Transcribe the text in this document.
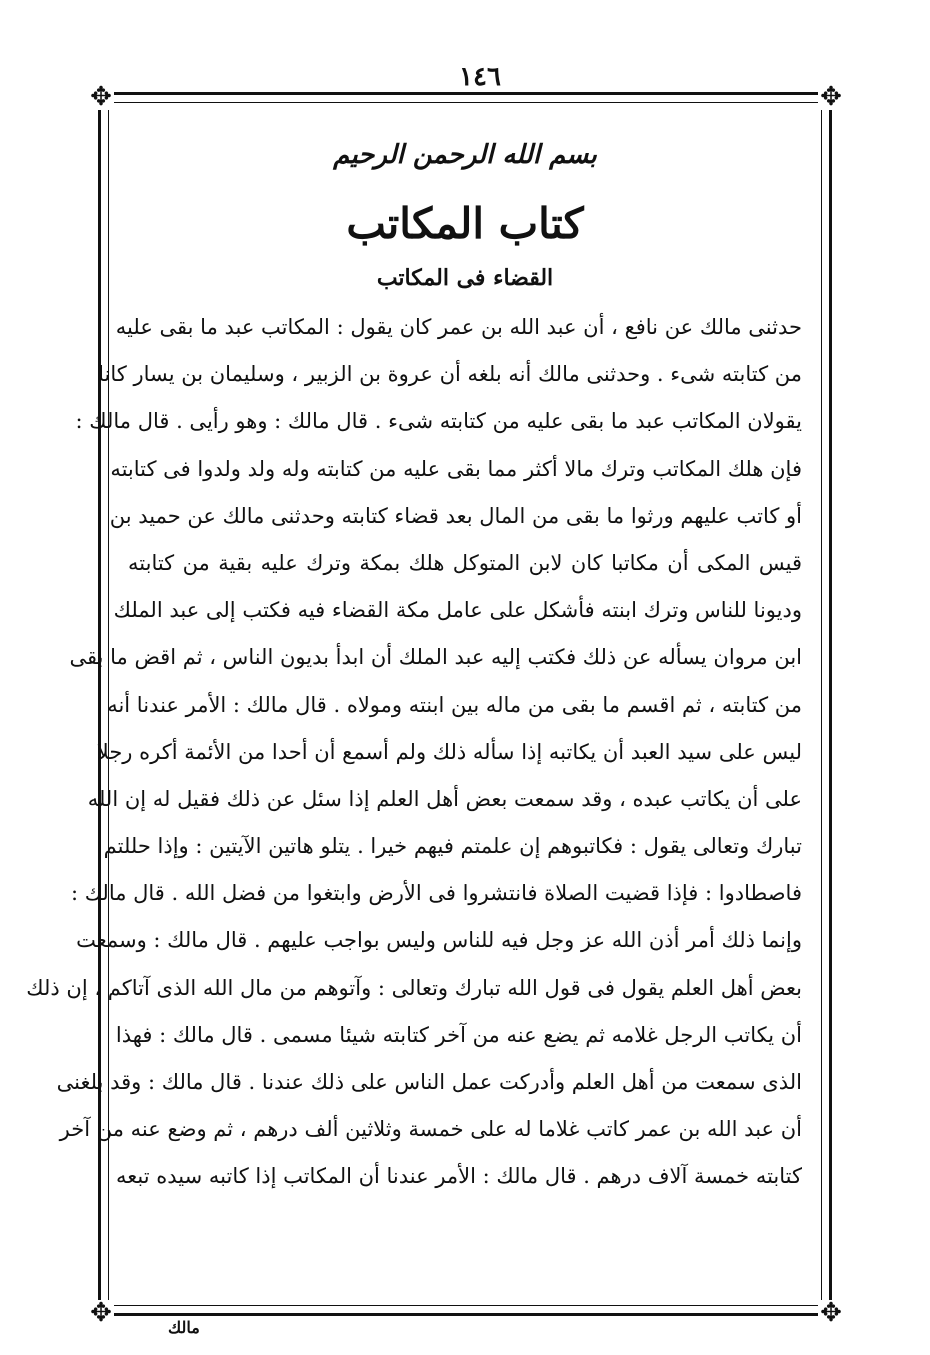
١٤٦
✥	✥
✥	✥
بسم الله الرحمن الرحيم
كتاب المكاتب
القضاء فى المكاتب
حدثنى مالك عن نافع ، أن عبد الله بن عمر كان يقول : المكاتب عبد ما بقى عليه
من كتابته شىء . وحدثنى مالك أنه بلغه أن عروة بن الزبير ، وسليمان بن يسار كانا
يقولان المكاتب عبد ما بقى عليه من كتابته شىء . قال مالك : وهو رأيى . قال مالك :
فإن هلك المكاتب وترك مالا أكثر مما بقى عليه من كتابته وله ولد ولدوا فى كتابته
أو كاتب عليهم ورثوا ما بقى من المال بعد قضاء كتابته وحدثنى مالك عن حميد بن
قيس المكى أن مكاتبا كان لابن المتوكل هلك بمكة وترك عليه بقية من كتابته
وديونا للناس وترك ابنته فأشكل على عامل مكة القضاء فيه فكتب إلى عبد الملك
ابن مروان يسأله عن ذلك فكتب إليه عبد الملك أن ابدأ بديون الناس ، ثم اقض ما بقى
من كتابته ، ثم اقسم ما بقى من ماله بين ابنته ومولاه . قال مالك : الأمر عندنا أنه
ليس على سيد العبد أن يكاتبه إذا سأله ذلك ولم أسمع أن أحدا من الأئمة أكره رجلا
على أن يكاتب عبده ، وقد سمعت بعض أهل العلم إذا سئل عن ذلك فقيل له إن الله
تبارك وتعالى يقول : فكاتبوهم إن علمتم فيهم خيرا . يتلو هاتين الآيتين : وإذا حللتم
فاصطادوا : فإذا قضيت الصلاة فانتشروا فى الأرض وابتغوا من فضل الله . قال مالك :
وإنما ذلك أمر أذن الله عز وجل فيه للناس وليس بواجب عليهم . قال مالك : وسمعت
بعض أهل العلم يقول فى قول الله تبارك وتعالى : وآتوهم من مال الله الذى آتاكم ، إن ذلك
أن يكاتب الرجل غلامه ثم يضع عنه من آخر كتابته شيئا مسمى . قال مالك : فهذا
الذى سمعت من أهل العلم وأدركت عمل الناس على ذلك عندنا . قال مالك : وقد بلغنى
أن عبد الله بن عمر كاتب غلاما له على خمسة وثلاثين ألف درهم ، ثم وضع عنه من آخر
كتابته خمسة آلاف درهم . قال مالك : الأمر عندنا أن المكاتب إذا كاتبه سيده تبعه
مالك
